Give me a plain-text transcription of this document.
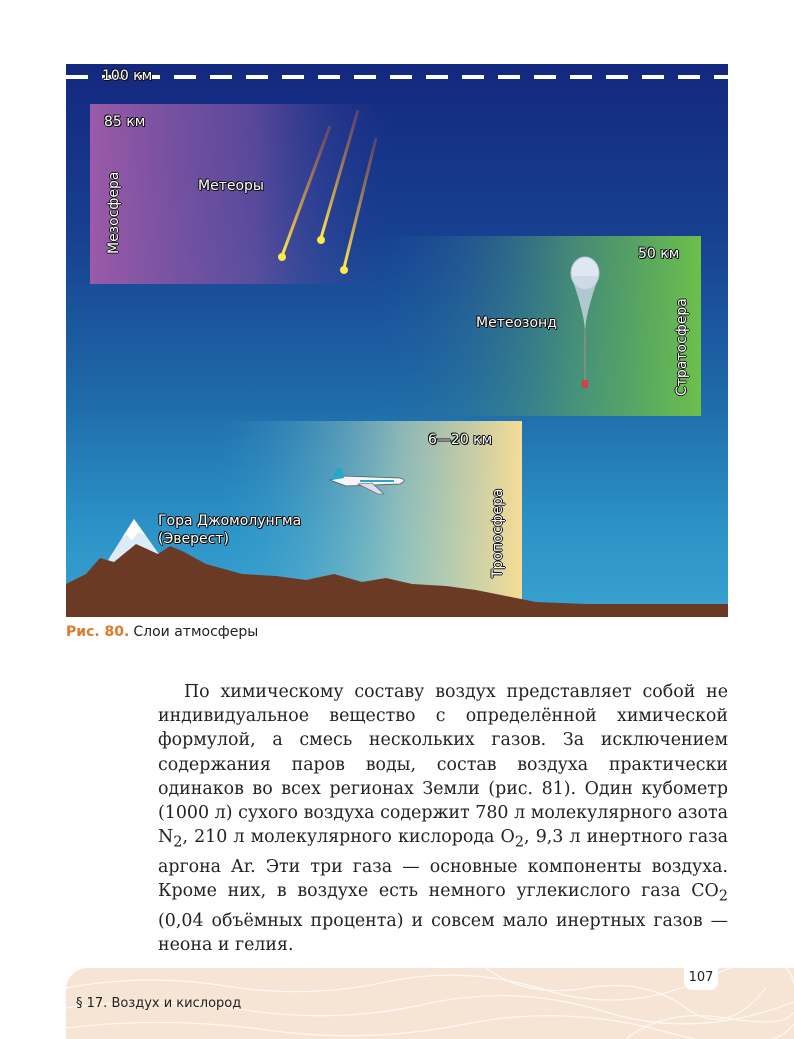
100 км
85 км
Мезосфера	Метеоры
50 км
Стратосфера
Метеозонд
6—20 км
Тропосфера
Гора Джомолунгма
(Эверест)
Рис. 80. Слои атмосферы

По химическому составу воздух представляет собой не индивидуальное вещество с определённой химической формулой, а смесь нескольких газов. За исключением содержания паров воды, состав воздуха практически одинаков во всех регионах Земли (рис. 81). Один кубометр (1000 л) сухого воздуха содержит 780 л молекулярного азота $N_2$, 210 л молекулярного кислорода $O_2$, 9,3 л инертного газа аргона Ar. Эти три газа — основные компоненты воздуха. Кроме них, в воздухе есть немного углекислого газа $CO_2$ (0,04 объёмных процента) и совсем мало инертных газов — неона и гелия.

§ 17. Воздух и кислород
107
